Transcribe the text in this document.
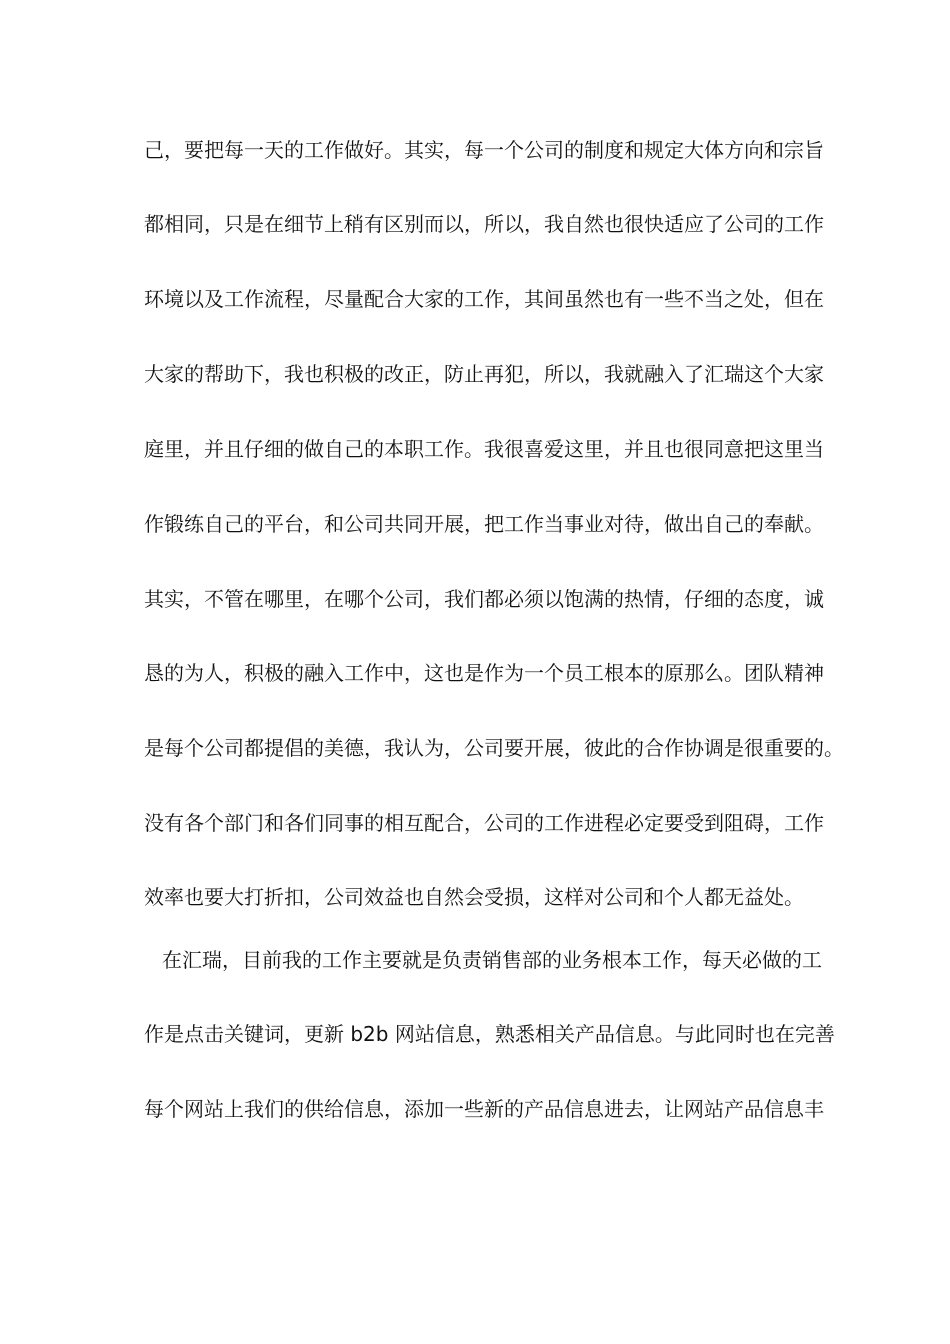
己，要把每一天的工作做好。其实，每一个公司的制度和规定大体方向和宗旨
都相同，只是在细节上稍有区别而以，所以，我自然也很快适应了公司的工作
环境以及工作流程，尽量配合大家的工作，其间虽然也有一些不当之处，但在
大家的帮助下，我也积极的改正，防止再犯，所以，我就融入了汇瑞这个大家
庭里，并且仔细的做自己的本职工作。我很喜爱这里，并且也很同意把这里当
作锻练自己的平台，和公司共同开展，把工作当事业对待，做出自己的奉献。
其实，不管在哪里，在哪个公司，我们都必须以饱满的热情，仔细的态度，诚
恳的为人，积极的融入工作中，这也是作为一个员工根本的原那么。团队精神
是每个公司都提倡的美德，我认为，公司要开展，彼此的合作协调是很重要的。
没有各个部门和各们同事的相互配合，公司的工作进程必定要受到阻碍，工作
效率也要大打折扣，公司效益也自然会受损，这样对公司和个人都无益处。
在汇瑞，目前我的工作主要就是负责销售部的业务根本工作，每天必做的工
作是点击关键词，更新 b2b 网站信息，熟悉相关产品信息。与此同时也在完善
每个网站上我们的供给信息，添加一些新的产品信息进去，让网站产品信息丰
